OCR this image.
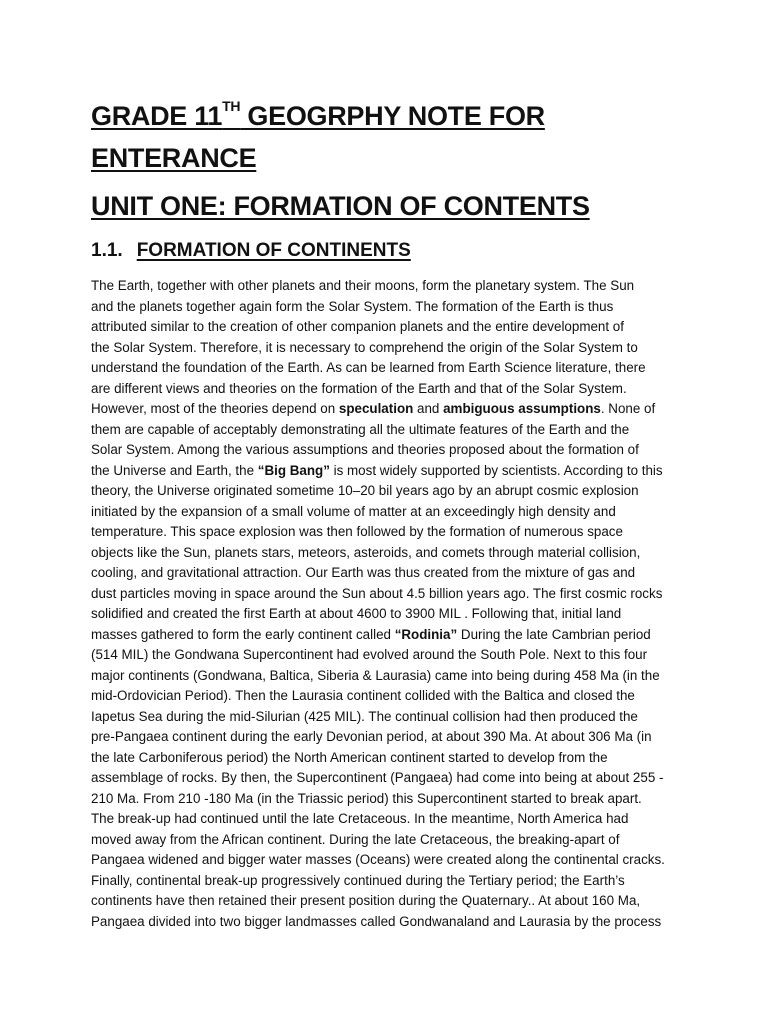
GRADE 11TH GEOGRPHY NOTE FOR
ENTERANCE
UNIT ONE: FORMATION OF CONTENTS
1.1. FORMATION OF CONTINENTS
The Earth, together with other planets and their moons, form the planetary system. The Sun
and the planets together again form the Solar System. The formation of the Earth is thus
attributed similar to the creation of other companion planets and the entire development of
the Solar System. Therefore, it is necessary to comprehend the origin of the Solar System to
understand the foundation of the Earth. As can be learned from Earth Science literature, there
are different views and theories on the formation of the Earth and that of the Solar System.
However, most of the theories depend on speculation and ambiguous assumptions. None of
them are capable of acceptably demonstrating all the ultimate features of the Earth and the
Solar System. Among the various assumptions and theories proposed about the formation of
the Universe and Earth, the “Big Bang” is most widely supported by scientists. According to this
theory, the Universe originated sometime 10–20 bil years ago by an abrupt cosmic explosion
initiated by the expansion of a small volume of matter at an exceedingly high density and
temperature. This space explosion was then followed by the formation of numerous space
objects like the Sun, planets stars, meteors, asteroids, and comets through material collision,
cooling, and gravitational attraction. Our Earth was thus created from the mixture of gas and
dust particles moving in space around the Sun about 4.5 billion years ago. The first cosmic rocks
solidified and created the first Earth at about 4600 to 3900 MIL . Following that, initial land
masses gathered to form the early continent called “Rodinia” During the late Cambrian period
(514 MIL) the Gondwana Supercontinent had evolved around the South Pole. Next to this four
major continents (Gondwana, Baltica, Siberia & Laurasia) came into being during 458 Ma (in the
mid-Ordovician Period). Then the Laurasia continent collided with the Baltica and closed the
Iapetus Sea during the mid-Silurian (425 MIL). The continual collision had then produced the
pre-Pangaea continent during the early Devonian period, at about 390 Ma. At about 306 Ma (in
the late Carboniferous period) the North American continent started to develop from the
assemblage of rocks. By then, the Supercontinent (Pangaea) had come into being at about 255 -
210 Ma. From 210 -180 Ma (in the Triassic period) this Supercontinent started to break apart.
The break-up had continued until the late Cretaceous. In the meantime, North America had
moved away from the African continent. During the late Cretaceous, the breaking-apart of
Pangaea widened and bigger water masses (Oceans) were created along the continental cracks.
Finally, continental break-up progressively continued during the Tertiary period; the Earth’s
continents have then retained their present position during the Quaternary.. At about 160 Ma,
Pangaea divided into two bigger landmasses called Gondwanaland and Laurasia by the process
